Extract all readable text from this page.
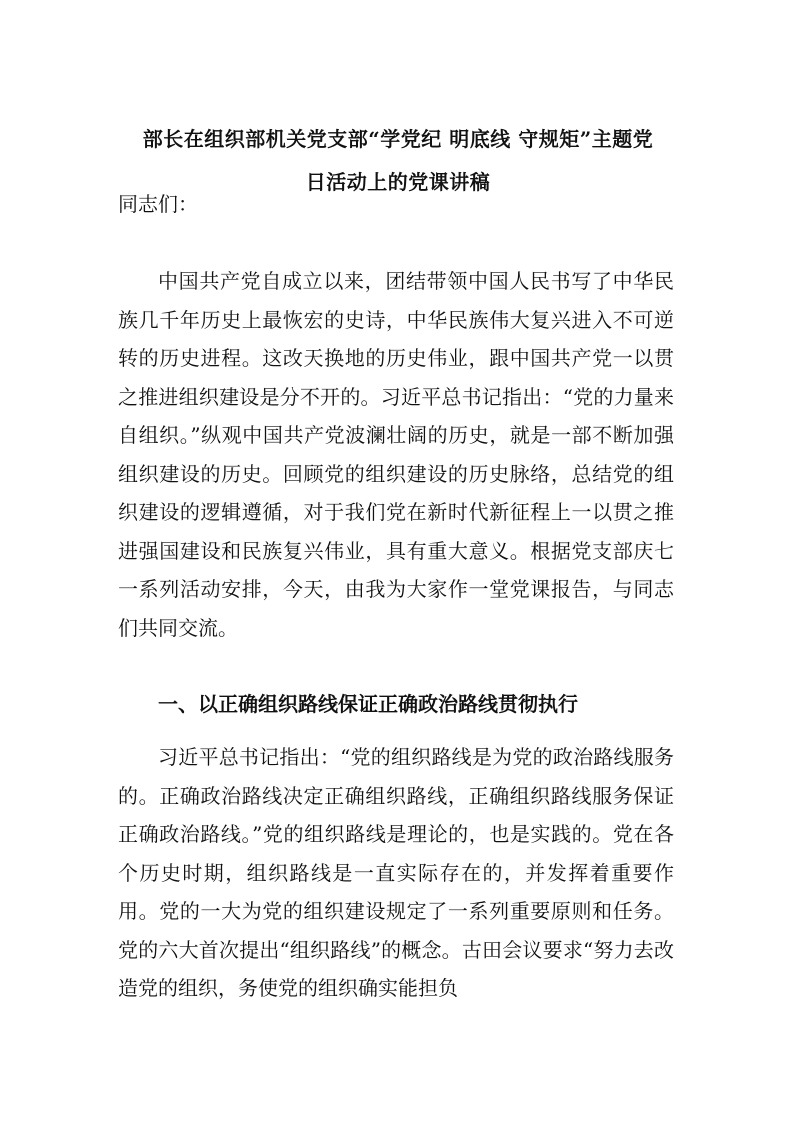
部长在组织部机关党支部“学党纪 明底线 守规矩”主题党
日活动上的党课讲稿
同志们：
中国共产党自成立以来，团结带领中国人民书写了中华民族几千年历史上最恢宏的史诗，中华民族伟大复兴进入不可逆转的历史进程。这改天换地的历史伟业，跟中国共产党一以贯之推进组织建设是分不开的。习近平总书记指出：“党的力量来自组织。”纵观中国共产党波澜壮阔的历史，就是一部不断加强组织建设的历史。回顾党的组织建设的历史脉络，总结党的组织建设的逻辑遵循，对于我们党在新时代新征程上一以贯之推进强国建设和民族复兴伟业，具有重大意义。根据党支部庆七一系列活动安排，今天，由我为大家作一堂党课报告，与同志们共同交流。
一、以正确组织路线保证正确政治路线贯彻执行
习近平总书记指出：“党的组织路线是为党的政治路线服务的。正确政治路线决定正确组织路线，正确组织路线服务保证正确政治路线。”党的组织路线是理论的，也是实践的。党在各个历史时期，组织路线是一直实际存在的，并发挥着重要作用。党的一大为党的组织建设规定了一系列重要原则和任务。党的六大首次提出“组织路线”的概念。古田会议要求“努力去改造党的组织，务使党的组织确实能担负
